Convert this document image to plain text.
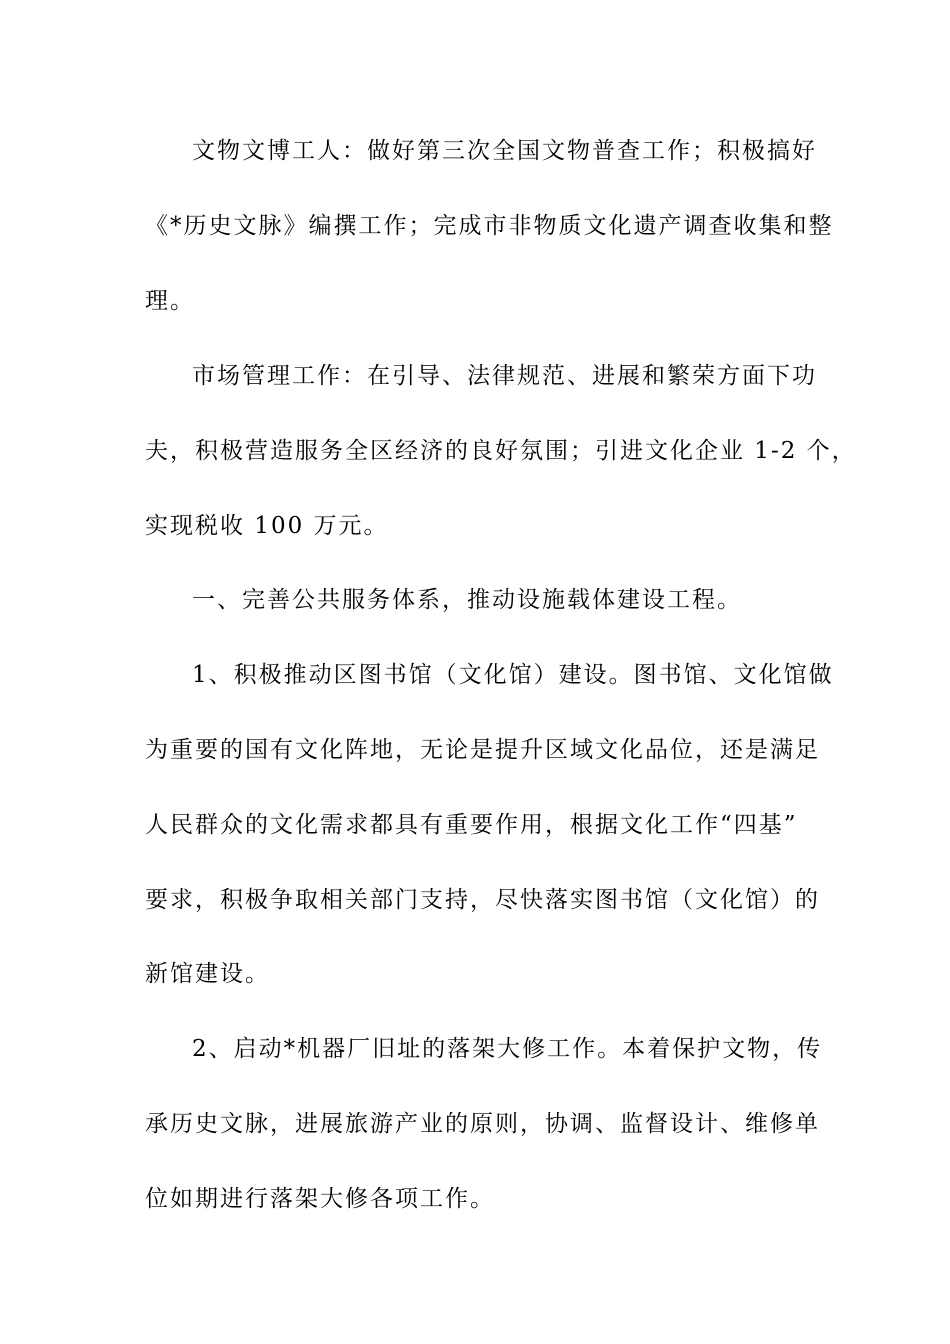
文物文博工人：做好第三次全国文物普查工作；积极搞好
《*历史文脉》编撰工作；完成市非物质文化遗产调查收集和整
理。
市场管理工作：在引导、法律规范、进展和繁荣方面下功
夫，积极营造服务全区经济的良好氛围；引进文化企业 1-2 个，
实现税收 100 万元。
一、完善公共服务体系，推动设施载体建设工程。
1、积极推动区图书馆（文化馆）建设。图书馆、文化馆做
为重要的国有文化阵地，无论是提升区域文化品位，还是满足
人民群众的文化需求都具有重要作用，根据文化工作“四基”
要求，积极争取相关部门支持，尽快落实图书馆（文化馆）的
新馆建设。
2、启动*机器厂旧址的落架大修工作。本着保护文物，传
承历史文脉，进展旅游产业的原则，协调、监督设计、维修单
位如期进行落架大修各项工作。
